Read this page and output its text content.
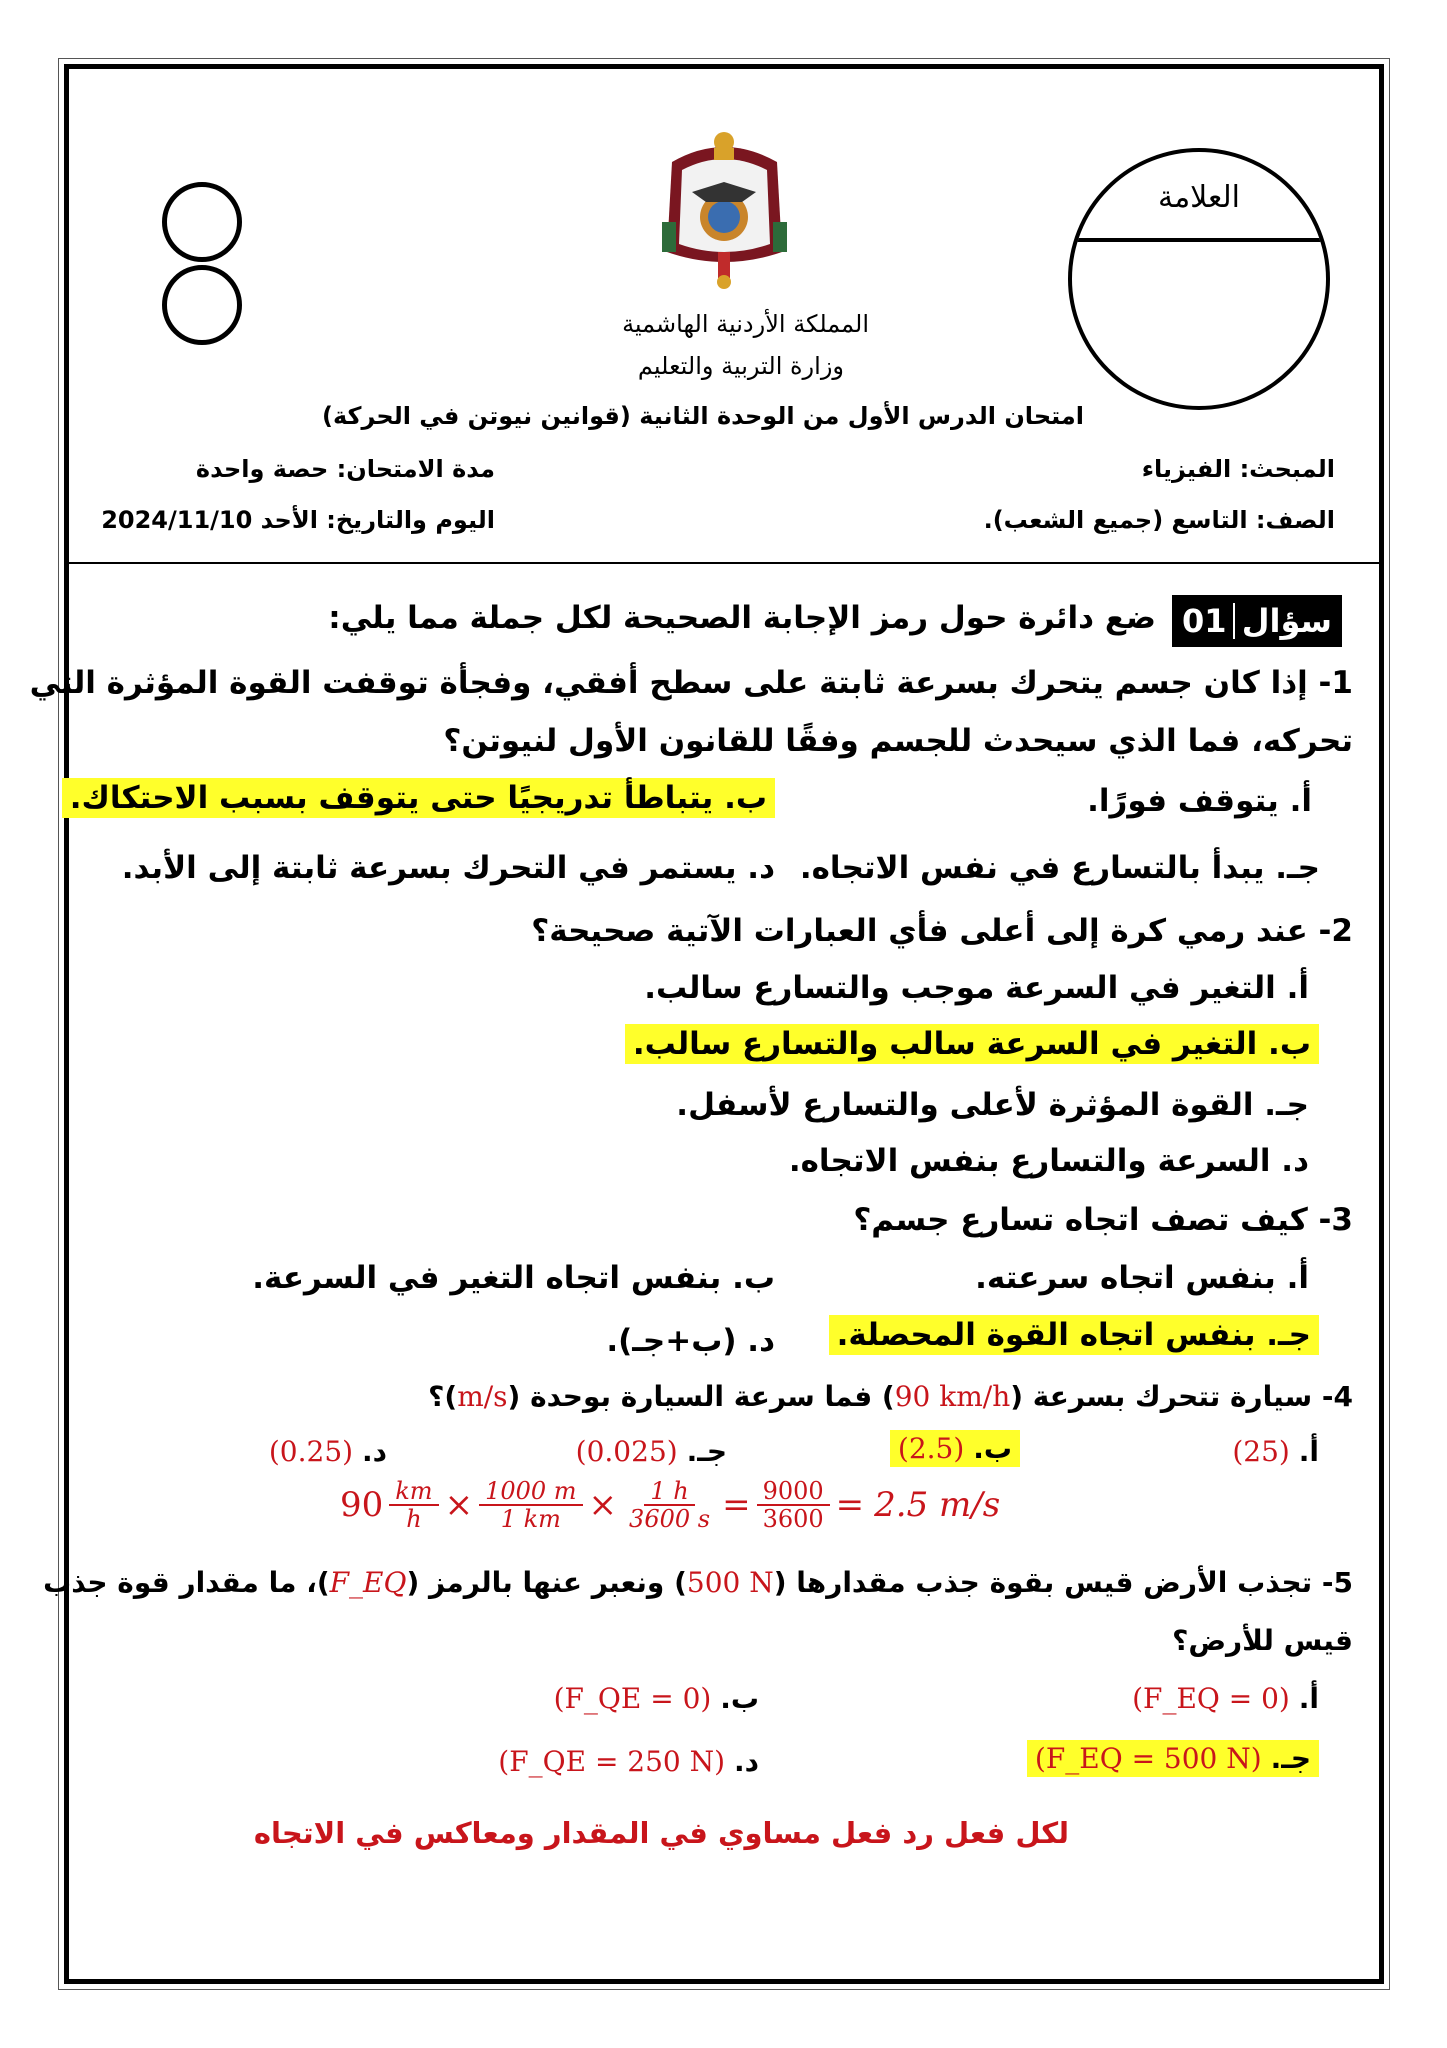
العلامة
المملكة الأردنية الهاشمية
وزارة التربية والتعليم
امتحان الدرس الأول من الوحدة الثانية (قوانين نيوتن في الحركة)
المبحث: الفيزياء
الصف: التاسع (جميع الشعب).
مدة الامتحان: حصة واحدة
اليوم والتاريخ: الأحد 2024/11/10
01 سؤال
ضع دائرة حول رمز الإجابة الصحيحة لكل جملة مما يلي:
1- إذا كان جسم يتحرك بسرعة ثابتة على سطح أفقي، وفجأة توقفت القوة المؤثرة التي
تحركه، فما الذي سيحدث للجسم وفقًا للقانون الأول لنيوتن؟
أ. يتوقف فورًا.
ب. يتباطأ تدريجيًا حتى يتوقف بسبب الاحتكاك.
جـ. يبدأ بالتسارع في نفس الاتجاه.
د. يستمر في التحرك بسرعة ثابتة إلى الأبد.
2- عند رمي كرة إلى أعلى فأي العبارات الآتية صحيحة؟
أ. التغير في السرعة موجب والتسارع سالب.
ب. التغير في السرعة سالب والتسارع سالب.
جـ. القوة المؤثرة لأعلى والتسارع لأسفل.
د. السرعة والتسارع بنفس الاتجاه.
3- كيف تصف اتجاه تسارع جسم؟
أ. بنفس اتجاه سرعته.
ب. بنفس اتجاه التغير في السرعة.
جـ. بنفس اتجاه القوة المحصلة.
د. (ب+جـ).
4- سيارة تتحرك بسرعة (90 km/h) فما سرعة السيارة بوحدة (m/s)؟
أ. (25)
ب. (2.5)
جـ. (0.025)
د. (0.25)
$90 \frac{km}{h} \times \frac{1000 m}{1 km} \times \frac{1 h}{3600 s} = \frac{9000}{3600} = 2.5$ m/s
5- تجذب الأرض قيس بقوة جذب مقدارها (500 N) ونعبر عنها بالرمز (F_EQ)، ما مقدار قوة جذب
قيس للأرض؟
أ. (F_EQ = 0)
ب. (F_QE = 0)
جـ. (F_EQ = 500 N)
د. (F_QE = 250 N)
لكل فعل رد فعل مساوي في المقدار ومعاكس في الاتجاه
